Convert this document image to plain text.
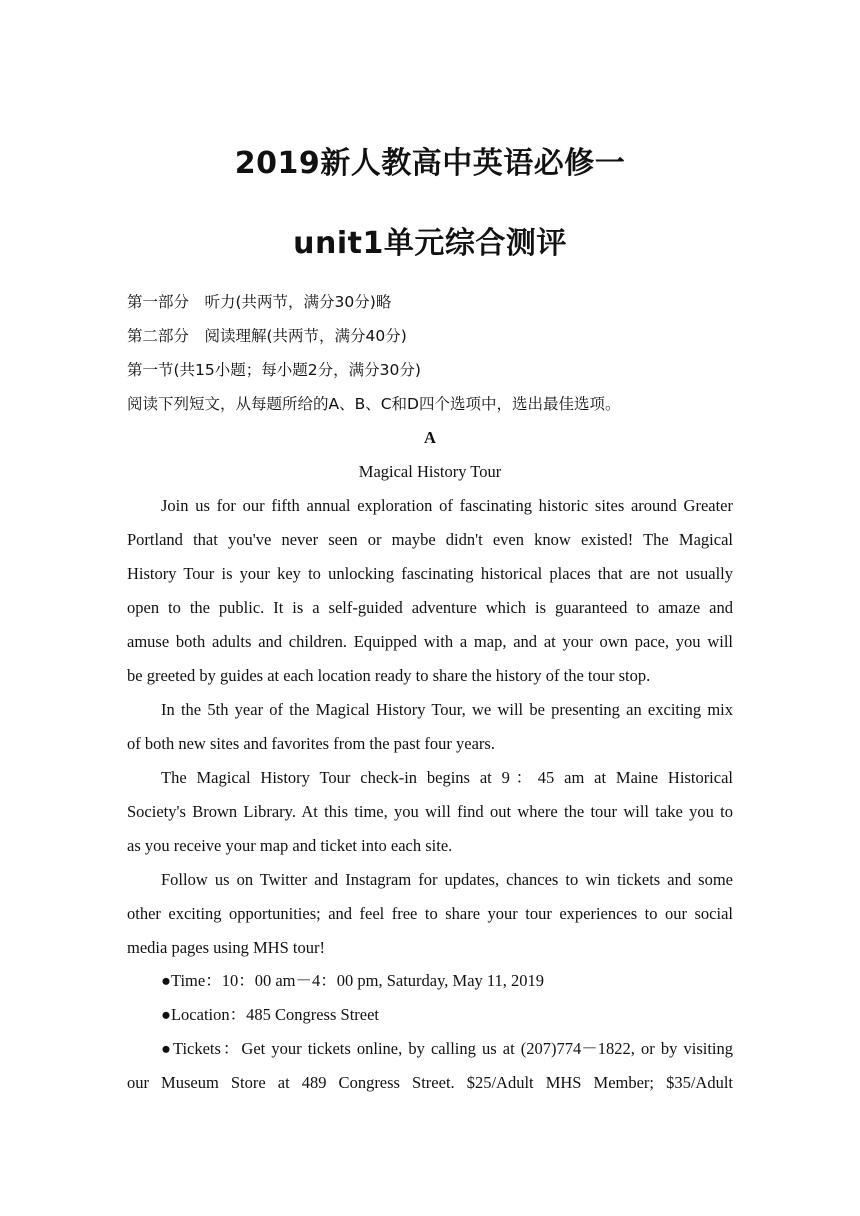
2019新人教高中英语必修一
unit1单元综合测评
第一部分　听力(共两节，满分30分)略
第二部分　阅读理解(共两节，满分40分)
第一节(共15小题；每小题2分，满分30分)
阅读下列短文，从每题所给的A、B、C和D四个选项中，选出最佳选项。
A
Magical History Tour
Join us for our fifth annual exploration of fascinating historic sites around Greater
Portland that you've never seen or maybe didn't even know existed! The Magical
History Tour is your key to unlocking fascinating historical places that are not usually
open to the public. It is a self-guided adventure which is guaranteed to amaze and
amuse both adults and children. Equipped with a map, and at your own pace, you will
be greeted by guides at each location ready to share the history of the tour stop.
In the 5th year of the Magical History Tour, we will be presenting an exciting mix
of both new sites and favorites from the past four years.
The Magical History Tour check-in begins at 9：45 am at Maine Historical
Society's Brown Library. At this time, you will find out where the tour will take you to
as you receive your map and ticket into each site.
Follow us on Twitter and Instagram for updates, chances to win tickets and some
other exciting opportunities; and feel free to share your tour experiences to our social
media pages using MHS tour!
●Time：10：00 am－4：00 pm, Saturday, May 11, 2019
●Location：485 Congress Street
●Tickets：Get your tickets online, by calling us at (207)774－1822, or by visiting
our Museum Store at 489 Congress Street. $25/Adult MHS Member; $35/Adult
